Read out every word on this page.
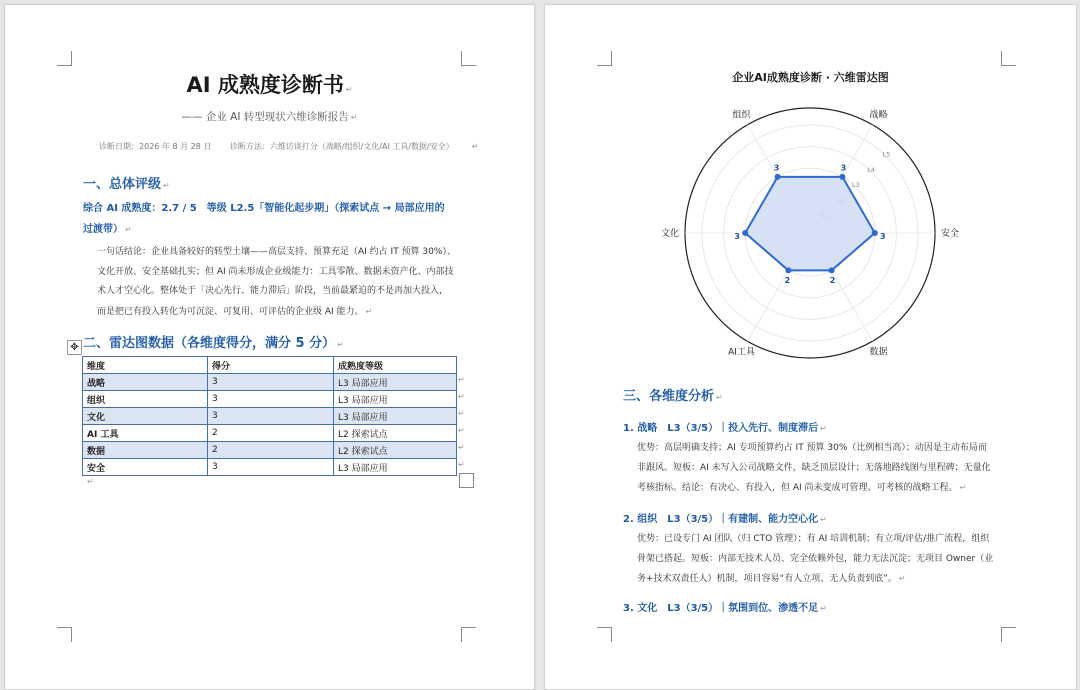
AI 成熟度诊断书 ↵
—— 企业 AI 转型现状六维诊断报告 ↵
诊断日期：2026 年 8 月 28 日 诊断方法：六维访谈打分（战略/组织/文化/AI 工具/数据/安全） ↵
一、总体评级 ↵
综合 AI 成熟度：2.7 / 5　等级 L2.5「智能化起步期」（探索试点 → 局部应用的
过渡带） ↵
一句话结论：企业具备较好的转型土壤——高层支持、预算充足（AI 约占 IT 预算 30%）、
文化开放、安全基础扎实；但 AI 尚未形成企业级能力：工具零散、数据未资产化、内部技
术人才空心化。整体处于「决心先行、能力滞后」阶段，当前最紧迫的不是再加大投入，
而是把已有投入转化为可沉淀、可复用、可评估的企业级 AI 能力。 ↵
二、雷达图数据（各维度得分，满分 5 分） ↵
✥
维度	得分	成熟度等级
战略	3	L3 局部应用
组织	3	L3 局部应用
文化	3	L3 局部应用
AI 工具	2	L2 探索试点
数据	2	L2 探索试点
安全	3	L3 局部应用
↵
↵
↵
↵
↵
↵
↵
企业AI成熟度诊断 · 六维雷达图
L3
L4
L5
3
3
2
2
3
3
战略
安全
数据
AI工具
文化
组织
三、各维度分析 ↵
1. 战略　L3（3/5）｜投入先行、制度滞后 ↵
优势：高层明确支持；AI 专项预算约占 IT 预算 30%（比例相当高）；动因是主动布局而
非跟风。短板：AI 未写入公司战略文件，缺乏顶层设计；无落地路线图与里程碑；无量化
考核指标。结论：有决心、有投入，但 AI 尚未变成可管理、可考核的战略工程。 ↵
2. 组织　L3（3/5）｜有建制、能力空心化 ↵
优势：已设专门 AI 团队（归 CTO 管理）；有 AI 培训机制；有立项/评估/推广流程，组织
骨架已搭起。短板：内部无技术人员、完全依赖外包，能力无法沉淀；无项目 Owner（业
务+技术双责任人）机制，项目容易“有人立项、无人负责到底”。 ↵
3. 文化　L3（3/5）｜氛围到位、渗透不足 ↵
